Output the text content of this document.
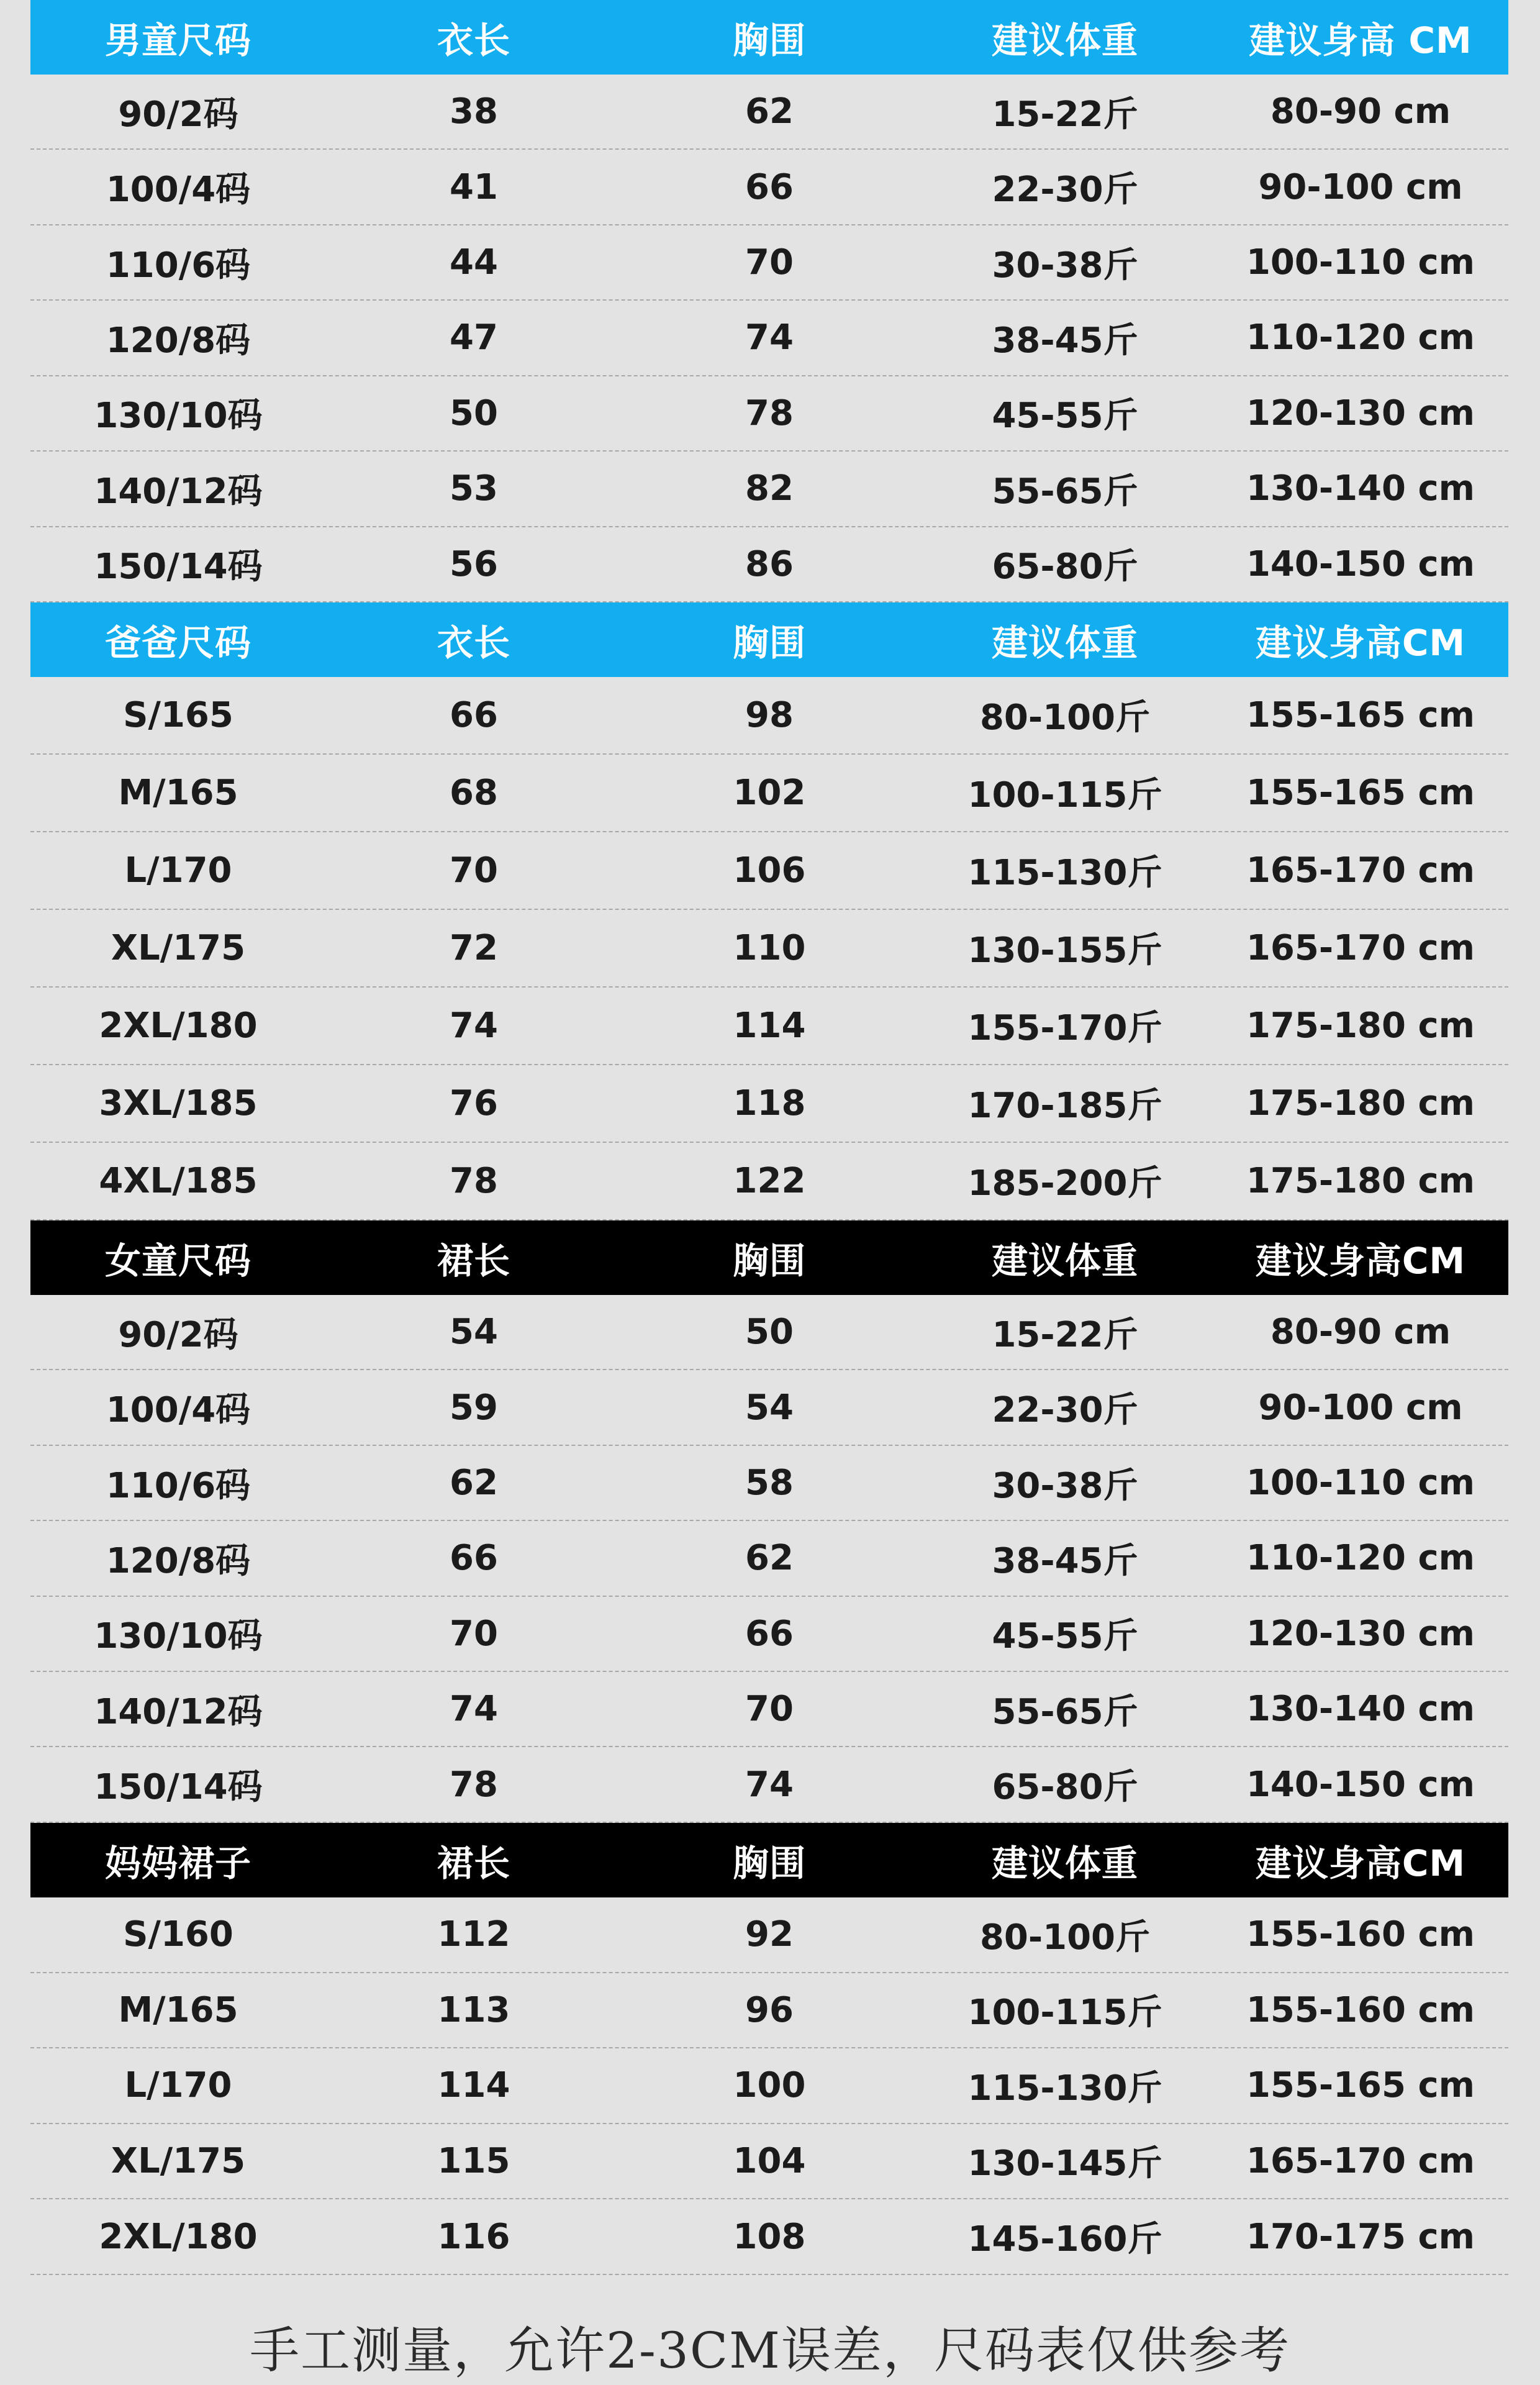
男童尺码	衣长	胸围	建议体重	建议身高 CM
90/2码	38	62	15-22斤	80-90 cm
100/4码	41	66	22-30斤	90-100 cm
110/6码	44	70	30-38斤	100-110 cm
120/8码	47	74	38-45斤	110-120 cm
130/10码	50	78	45-55斤	120-130 cm
140/12码	53	82	55-65斤	130-140 cm
150/14码	56	86	65-80斤	140-150 cm
爸爸尺码	衣长	胸围	建议体重	建议身高CM
S/165	66	98	80-100斤	155-165 cm
M/165	68	102	100-115斤	155-165 cm
L/170	70	106	115-130斤	165-170 cm
XL/175	72	110	130-155斤	165-170 cm
2XL/180	74	114	155-170斤	175-180 cm
3XL/185	76	118	170-185斤	175-180 cm
4XL/185	78	122	185-200斤	175-180 cm
女童尺码	裙长	胸围	建议体重	建议身高CM
90/2码	54	50	15-22斤	80-90 cm
100/4码	59	54	22-30斤	90-100 cm
110/6码	62	58	30-38斤	100-110 cm
120/8码	66	62	38-45斤	110-120 cm
130/10码	70	66	45-55斤	120-130 cm
140/12码	74	70	55-65斤	130-140 cm
150/14码	78	74	65-80斤	140-150 cm
妈妈裙子	裙长	胸围	建议体重	建议身高CM
S/160	112	92	80-100斤	155-160 cm
M/165	113	96	100-115斤	155-160 cm
L/170	114	100	115-130斤	155-165 cm
XL/175	115	104	130-145斤	165-170 cm
2XL/180	116	108	145-160斤	170-175 cm
手工测量，允许2-3CM误差，尺码表仅供参考
